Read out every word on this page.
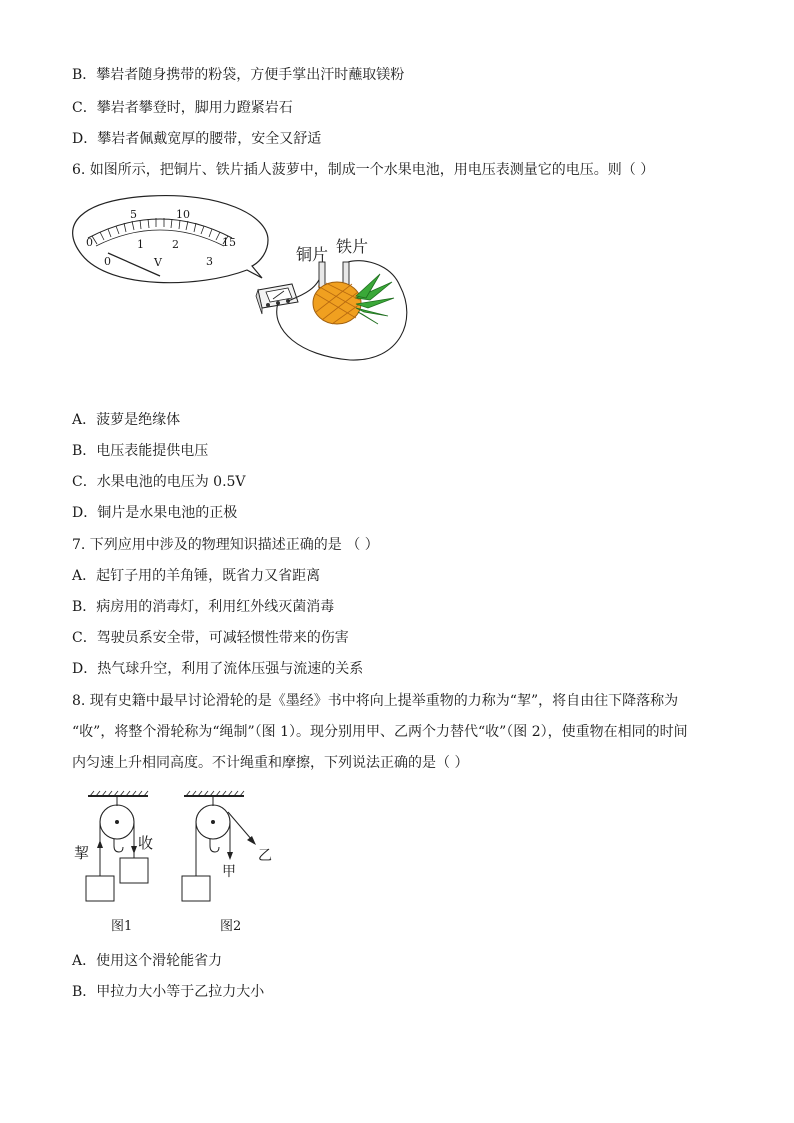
B．攀岩者随身携带的粉袋，方便手掌出汗时蘸取镁粉
C．攀岩者攀登时，脚用力蹬紧岩石
D．攀岩者佩戴宽厚的腰带，安全又舒适
6. 如图所示，把铜片、铁片插人菠萝中，制成一个水果电池，用电压表测量它的电压。则（ ）
0
5	10
15
0
1	2
3
V	铜片 铁片
A．菠萝是绝缘体
B．电压表能提供电压
C．水果电池的电压为 0.5V
D．铜片是水果电池的正极
7. 下列应用中涉及的物理知识描述正确的是 （ ）
A．起钉子用的羊角锤，既省力又省距离
B．病房用的消毒灯，利用红外线灭菌消毒
C．驾驶员系安全带，可减轻惯性带来的伤害
D．热气球升空，利用了流体压强与流速的关系
8. 现有史籍中最早讨论滑轮的是《墨经》书中将向上提举重物的力称为“挈”，将自由往下降落称为
“收”，将整个滑轮称为“绳制”（图 1）。现分别用甲、乙两个力替代“收”（图 2），使重物在相同的时间
内匀速上升相同高度。不计绳重和摩擦，下列说法正确的是（ ）
挈
收
图1
甲
乙
图2
A．使用这个滑轮能省力
B．甲拉力大小等于乙拉力大小
